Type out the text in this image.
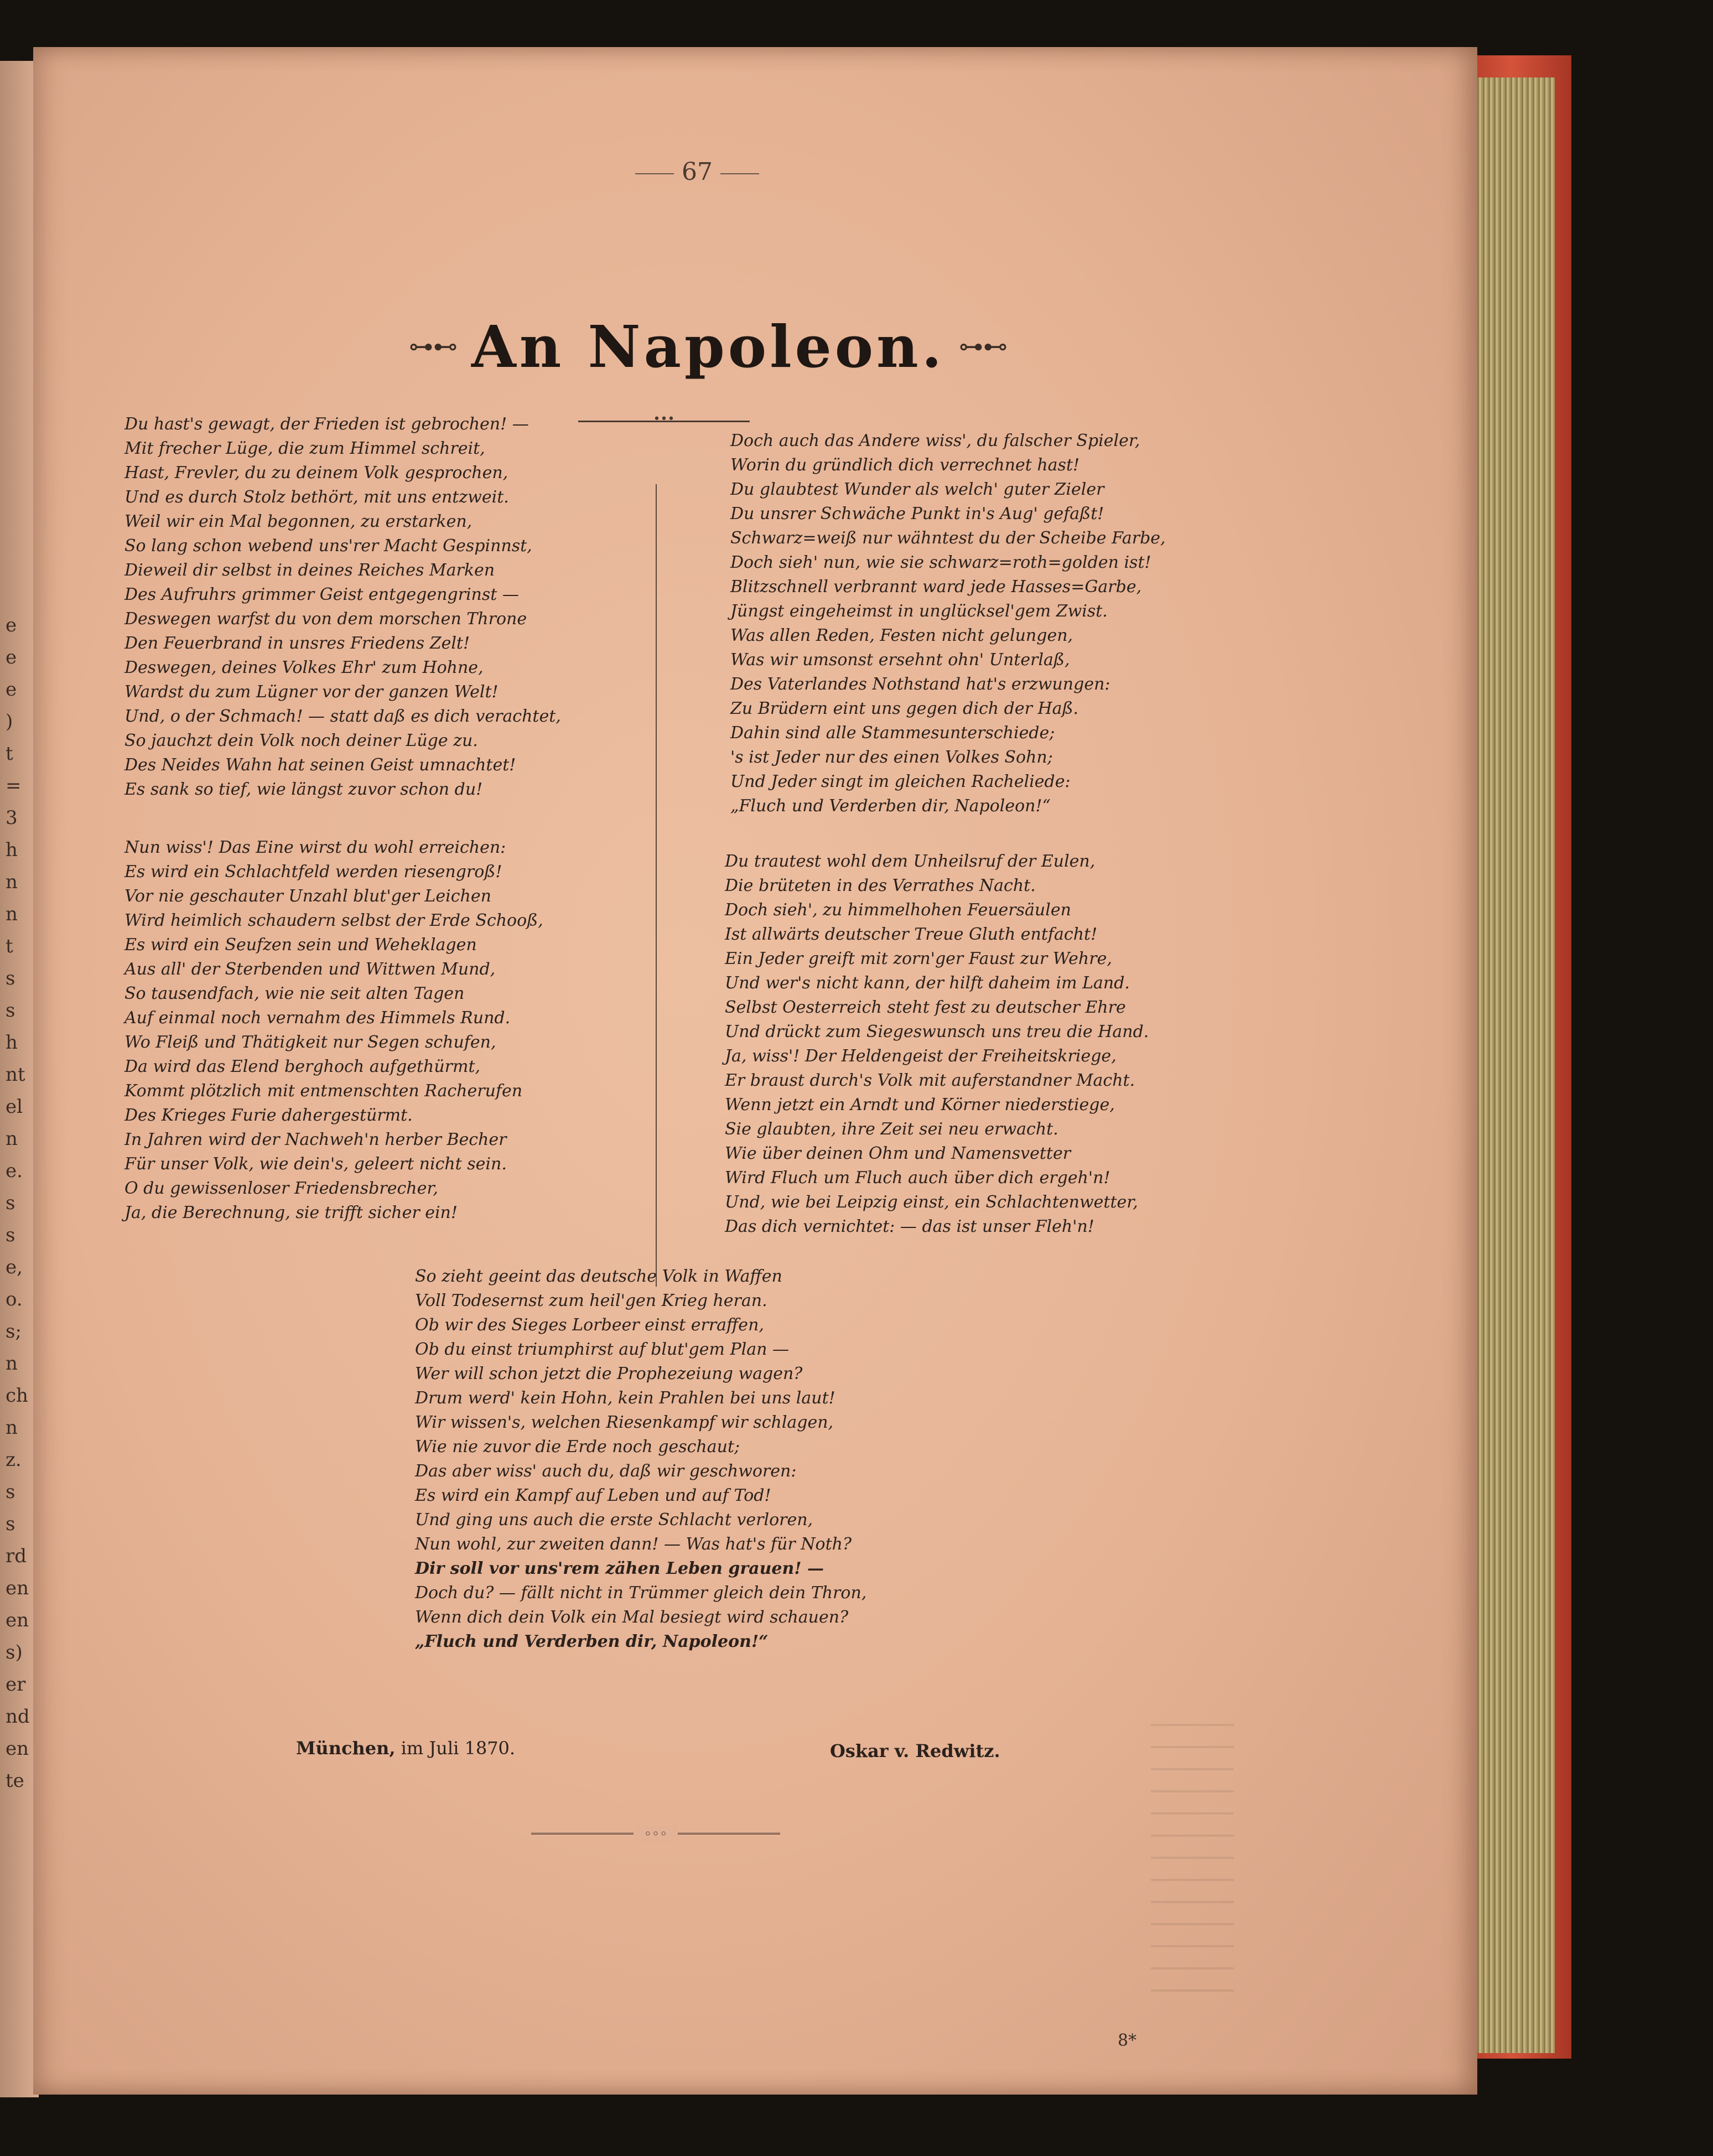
e
e
e
)
t
=
3
h
n
n
t
s
s
h
nt
el
n
e.
s
s
e,
o.
s;
n
ch
n
z.
s
s
rd
en
en
s)
er
nd
en
te
67
⊶⊷ An Napoleon. ⊶⊷
•••
Du hast's gewagt, der Frieden ist gebrochen! —
Mit frecher Lüge, die zum Himmel schreit,
Hast, Frevler, du zu deinem Volk gesprochen,
Und es durch Stolz bethört, mit uns entzweit.
Weil wir ein Mal begonnen, zu erstarken,
So lang schon webend uns'rer Macht Gespinnst,
Dieweil dir selbst in deines Reiches Marken
Des Aufruhrs grimmer Geist entgegengrinst —
Deswegen warfst du von dem morschen Throne
Den Feuerbrand in unsres Friedens Zelt!
Deswegen, deines Volkes Ehr' zum Hohne,
Wardst du zum Lügner vor der ganzen Welt!
Und, o der Schmach! — statt daß es dich verachtet,
So jauchzt dein Volk noch deiner Lüge zu.
Des Neides Wahn hat seinen Geist umnachtet!
Es sank so tief, wie längst zuvor schon du!
Nun wiss'! Das Eine wirst du wohl erreichen:
Es wird ein Schlachtfeld werden riesengroß!
Vor nie geschauter Unzahl blut'ger Leichen
Wird heimlich schaudern selbst der Erde Schooß,
Es wird ein Seufzen sein und Weheklagen
Aus all' der Sterbenden und Wittwen Mund,
So tausendfach, wie nie seit alten Tagen
Auf einmal noch vernahm des Himmels Rund.
Wo Fleiß und Thätigkeit nur Segen schufen,
Da wird das Elend berghoch aufgethürmt,
Kommt plötzlich mit entmenschten Racherufen
Des Krieges Furie dahergestürmt.
In Jahren wird der Nachweh'n herber Becher
Für unser Volk, wie dein's, geleert nicht sein.
O du gewissenloser Friedensbrecher,
Ja, die Berechnung, sie trifft sicher ein!
Doch auch das Andere wiss', du falscher Spieler,
Worin du gründlich dich verrechnet hast!
Du glaubtest Wunder als welch' guter Zieler
Du unsrer Schwäche Punkt in's Aug' gefaßt!
Schwarz=weiß nur wähntest du der Scheibe Farbe,
Doch sieh' nun, wie sie schwarz=roth=golden ist!
Blitzschnell verbrannt ward jede Hasses=Garbe,
Jüngst eingeheimst in unglücksel'gem Zwist.
Was allen Reden, Festen nicht gelungen,
Was wir umsonst ersehnt ohn' Unterlaß,
Des Vaterlandes Nothstand hat's erzwungen:
Zu Brüdern eint uns gegen dich der Haß.
Dahin sind alle Stammesunterschiede;
's ist Jeder nur des einen Volkes Sohn;
Und Jeder singt im gleichen Racheliede:
„Fluch und Verderben dir, Napoleon!“
Du trautest wohl dem Unheilsruf der Eulen,
Die brüteten in des Verrathes Nacht.
Doch sieh', zu himmelhohen Feuersäulen
Ist allwärts deutscher Treue Gluth entfacht!
Ein Jeder greift mit zorn'ger Faust zur Wehre,
Und wer's nicht kann, der hilft daheim im Land.
Selbst Oesterreich steht fest zu deutscher Ehre
Und drückt zum Siegeswunsch uns treu die Hand.
Ja, wiss'! Der Heldengeist der Freiheitskriege,
Er braust durch's Volk mit auferstandner Macht.
Wenn jetzt ein Arndt und Körner niederstiege,
Sie glaubten, ihre Zeit sei neu erwacht.
Wie über deinen Ohm und Namensvetter
Wird Fluch um Fluch auch über dich ergeh'n!
Und, wie bei Leipzig einst, ein Schlachtenwetter,
Das dich vernichtet: — das ist unser Fleh'n!
So zieht geeint das deutsche Volk in Waffen
Voll Todesernst zum heil'gen Krieg heran.
Ob wir des Sieges Lorbeer einst erraffen,
Ob du einst triumphirst auf blut'gem Plan —
Wer will schon jetzt die Prophezeiung wagen?
Drum werd' kein Hohn, kein Prahlen bei uns laut!
Wir wissen's, welchen Riesenkampf wir schlagen,
Wie nie zuvor die Erde noch geschaut;
Das aber wiss' auch du, daß wir geschworen:
Es wird ein Kampf auf Leben und auf Tod!
Und ging uns auch die erste Schlacht verloren,
Nun wohl, zur zweiten dann! — Was hat's für Noth?
Dir soll vor uns'rem zähen Leben grauen! —
Doch du? — fällt nicht in Trümmer gleich dein Thron,
Wenn dich dein Volk ein Mal besiegt wird schauen?
„Fluch und Verderben dir, Napoleon!“
München, im Juli 1870.	Oskar v. Redwitz.
◦◦◦
8*
